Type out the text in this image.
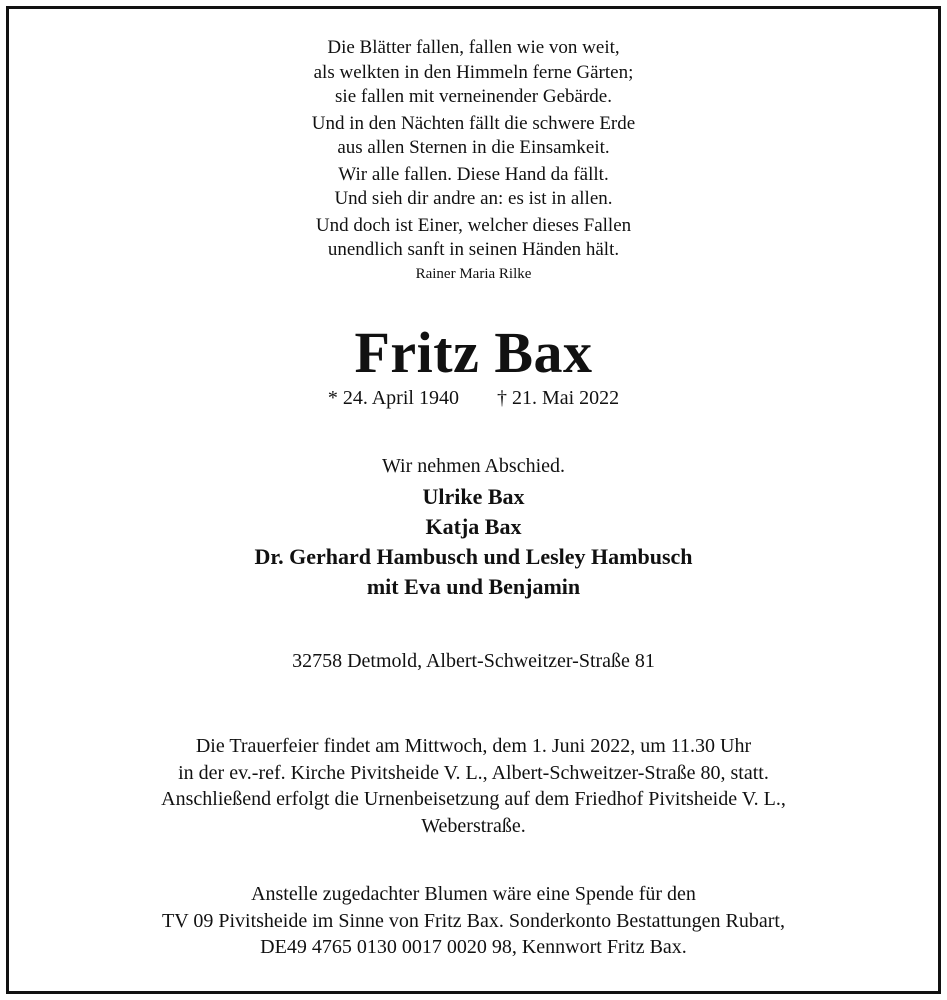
Die Blätter fallen, fallen wie von weit,
als welkten in den Himmeln ferne Gärten;
sie fallen mit verneinender Gebärde.
Und in den Nächten fällt die schwere Erde
aus allen Sternen in die Einsamkeit.
Wir alle fallen. Diese Hand da fällt.
Und sieh dir andre an: es ist in allen.
Und doch ist Einer, welcher dieses Fallen
unendlich sanft in seinen Händen hält.
Rainer Maria Rilke
Fritz Bax
* 24. April 1940 † 21. Mai 2022
Wir nehmen Abschied.
Ulrike Bax
Katja Bax
Dr. Gerhard Hambusch und Lesley Hambusch
mit Eva und Benjamin
32758 Detmold, Albert-Schweitzer-Straße 81
Die Trauerfeier findet am Mittwoch, dem 1. Juni 2022, um 11.30 Uhr
in der ev.-ref. Kirche Pivitsheide V. L., Albert-Schweitzer-Straße 80, statt.
Anschließend erfolgt die Urnenbeisetzung auf dem Friedhof Pivitsheide V. L.,
Weberstraße.
Anstelle zugedachter Blumen wäre eine Spende für den
TV 09 Pivitsheide im Sinne von Fritz Bax. Sonderkonto Bestattungen Rubart,
DE49 4765 0130 0017 0020 98, Kennwort Fritz Bax.
